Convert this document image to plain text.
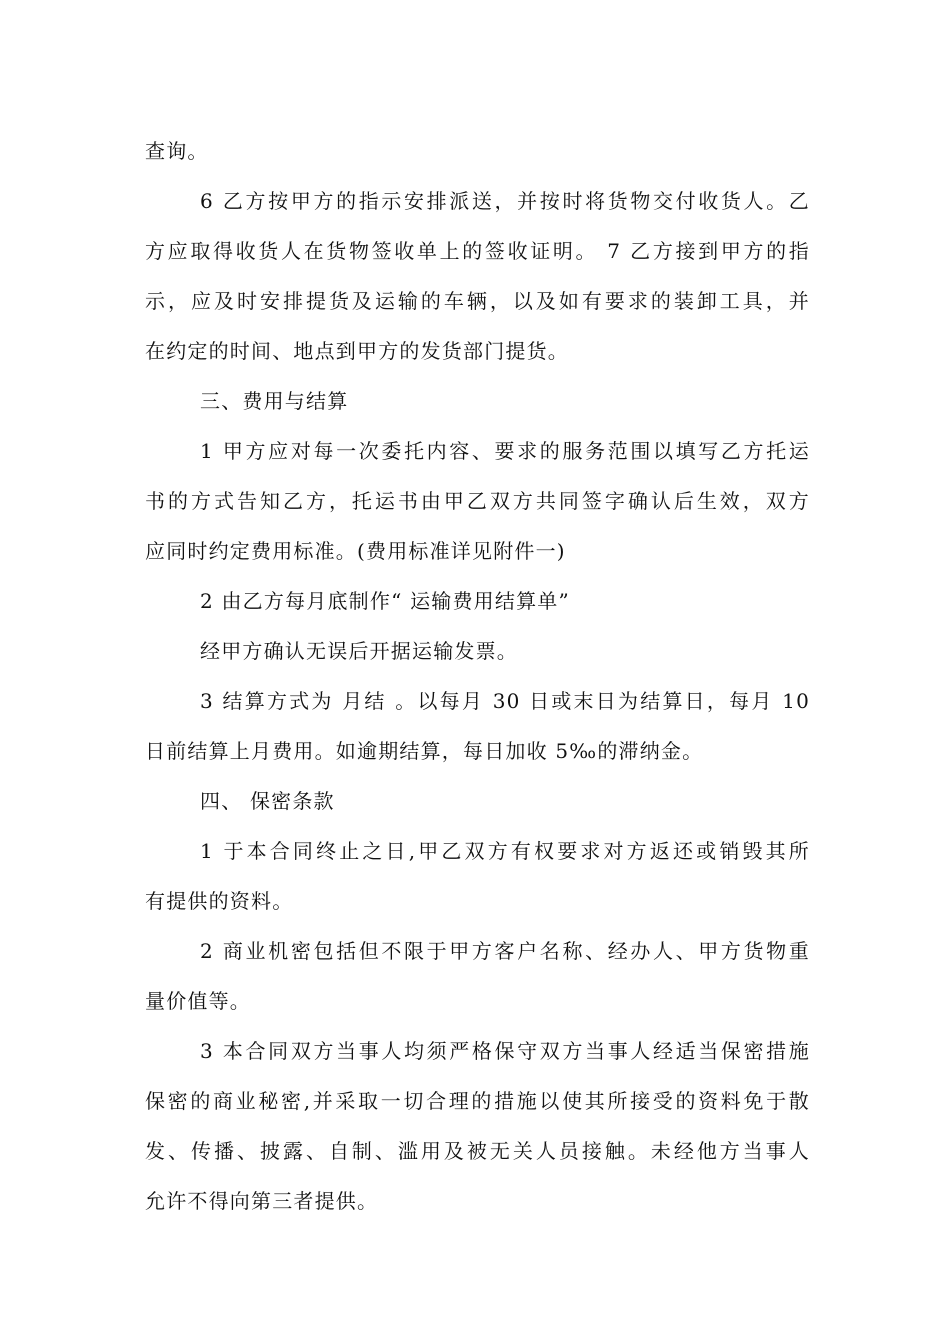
查询。
6 乙方按甲方的指示安排派送，并按时将货物交付收货人。乙
方应取得收货人在货物签收单上的签收证明。 7 乙方接到甲方的指
示，应及时安排提货及运输的车辆，以及如有要求的装卸工具，并
在约定的时间、地点到甲方的发货部门提货。
三、费用与结算
1 甲方应对每一次委托内容、要求的服务范围以填写乙方托运
书的方式告知乙方，托运书由甲乙双方共同签字确认后生效，双方
应同时约定费用标准。(费用标准详见附件一)
2 由乙方每月底制作“ 运输费用结算单”
经甲方确认无误后开据运输发票。
3 结算方式为 月结 。以每月 30 日或末日为结算日，每月 10
日前结算上月费用。如逾期结算，每日加收 5‰的滞纳金。
四、 保密条款
1 于本合同终止之日,甲乙双方有权要求对方返还或销毁其所
有提供的资料。
2 商业机密包括但不限于甲方客户名称、经办人、甲方货物重
量价值等。
3 本合同双方当事人均须严格保守双方当事人经适当保密措施
保密的商业秘密,并采取一切合理的措施以使其所接受的资料免于散
发、传播、披露、自制、滥用及被无关人员接触。未经他方当事人
允许不得向第三者提供。
